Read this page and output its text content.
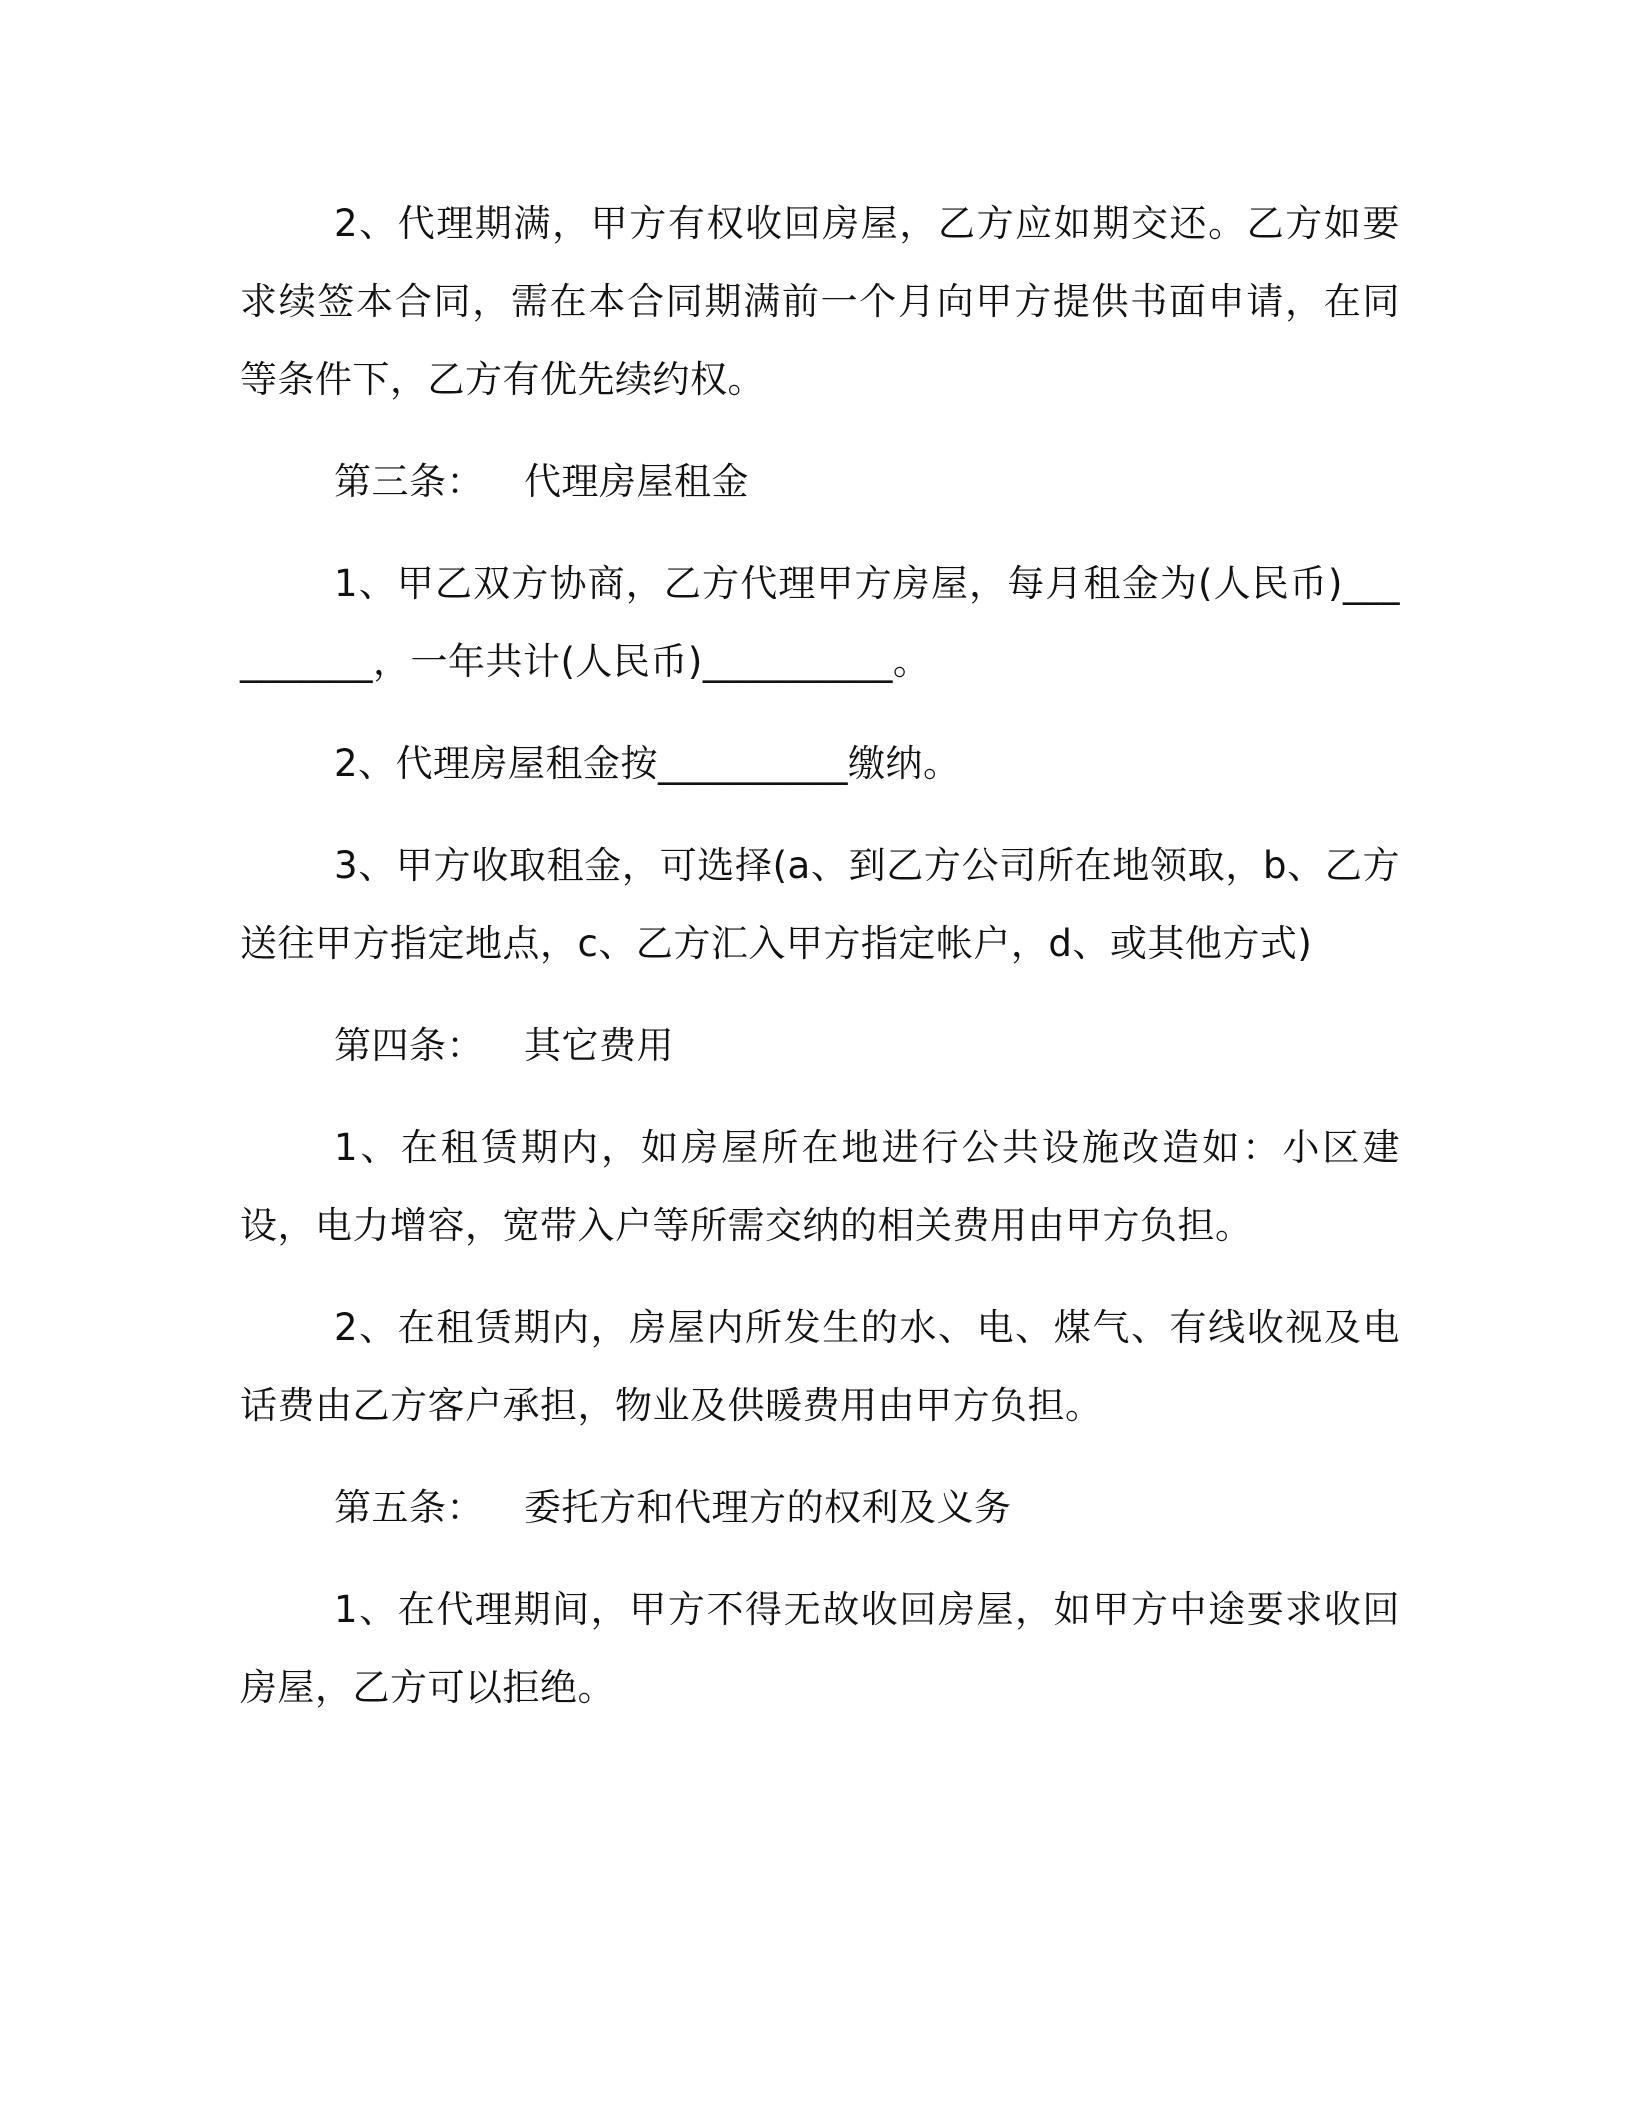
2、代理期满，甲方有权收回房屋，乙方应如期交还。乙方如要求续签本合同，需在本合同期满前一个月向甲方提供书面申请，在同等条件下，乙方有优先续约权。

第三条： 代理房屋租金

1、甲乙双方协商，乙方代理甲方房屋，每月租金为(人民币)__________，一年共计(人民币)__________。

2、代理房屋租金按__________缴纳。

3、甲方收取租金，可选择(a、到乙方公司所在地领取，b、乙方送往甲方指定地点，c、乙方汇入甲方指定帐户，d、或其他方式)

第四条： 其它费用

1、在租赁期内，如房屋所在地进行公共设施改造如：小区建设，电力增容，宽带入户等所需交纳的相关费用由甲方负担。

2、在租赁期内，房屋内所发生的水、电、煤气、有线收视及电话费由乙方客户承担，物业及供暖费用由甲方负担。

第五条： 委托方和代理方的权利及义务

1、在代理期间，甲方不得无故收回房屋，如甲方中途要求收回房屋，乙方可以拒绝。
